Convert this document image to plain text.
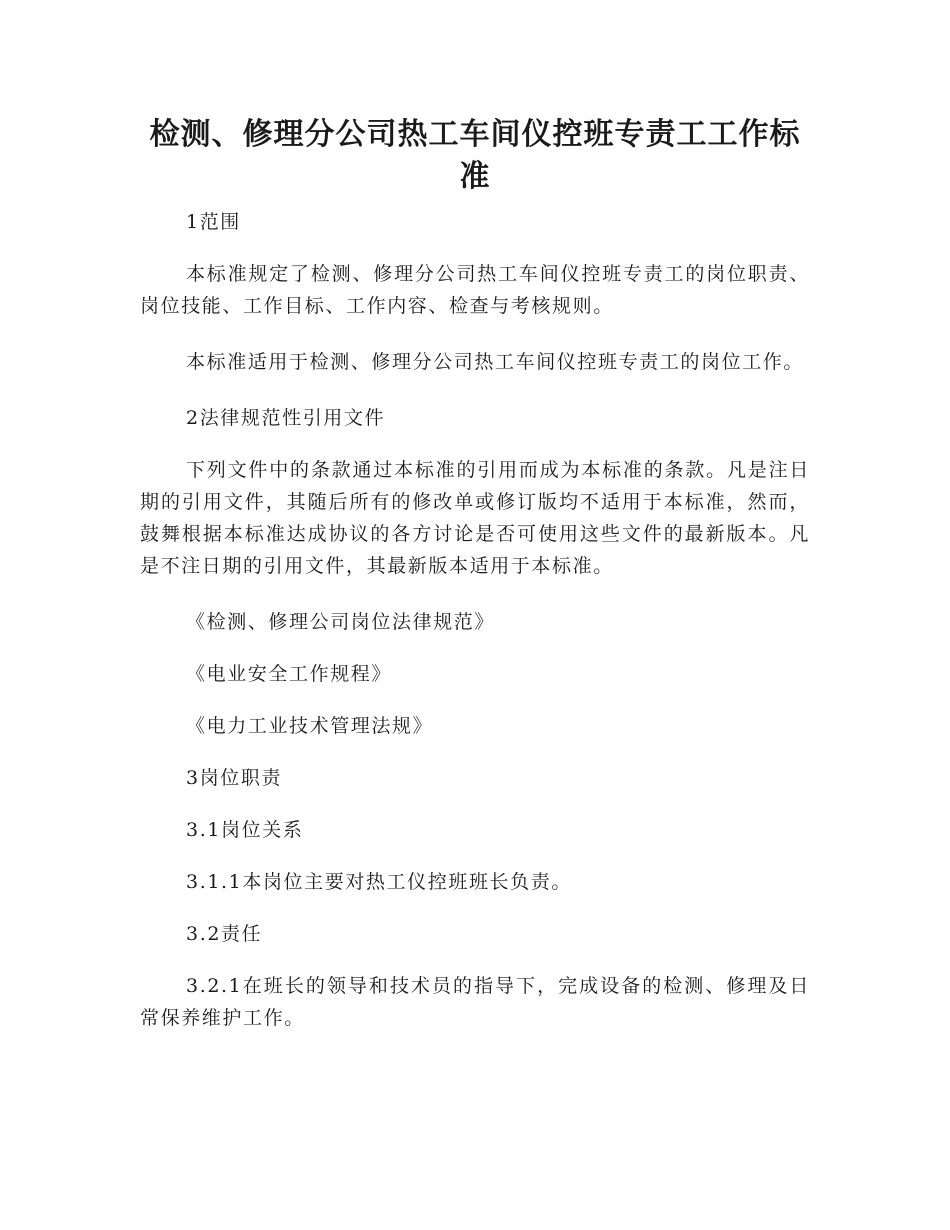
检测、修理分公司热工车间仪控班专责工工作标准

1范围

本标准规定了检测、修理分公司热工车间仪控班专责工的岗位职责、岗位技能、工作目标、工作内容、检查与考核规则。

本标准适用于检测、修理分公司热工车间仪控班专责工的岗位工作。

2法律规范性引用文件

下列文件中的条款通过本标准的引用而成为本标准的条款。凡是注日期的引用文件，其随后所有的修改单或修订版均不适用于本标准，然而，鼓舞根据本标准达成协议的各方讨论是否可使用这些文件的最新版本。凡是不注日期的引用文件，其最新版本适用于本标准。

《检测、修理公司岗位法律规范》

《电业安全工作规程》

《电力工业技术管理法规》

3岗位职责

3.1岗位关系

3.1.1本岗位主要对热工仪控班班长负责。

3.2责任

3.2.1在班长的领导和技术员的指导下，完成设备的检测、修理及日常保养维护工作。
